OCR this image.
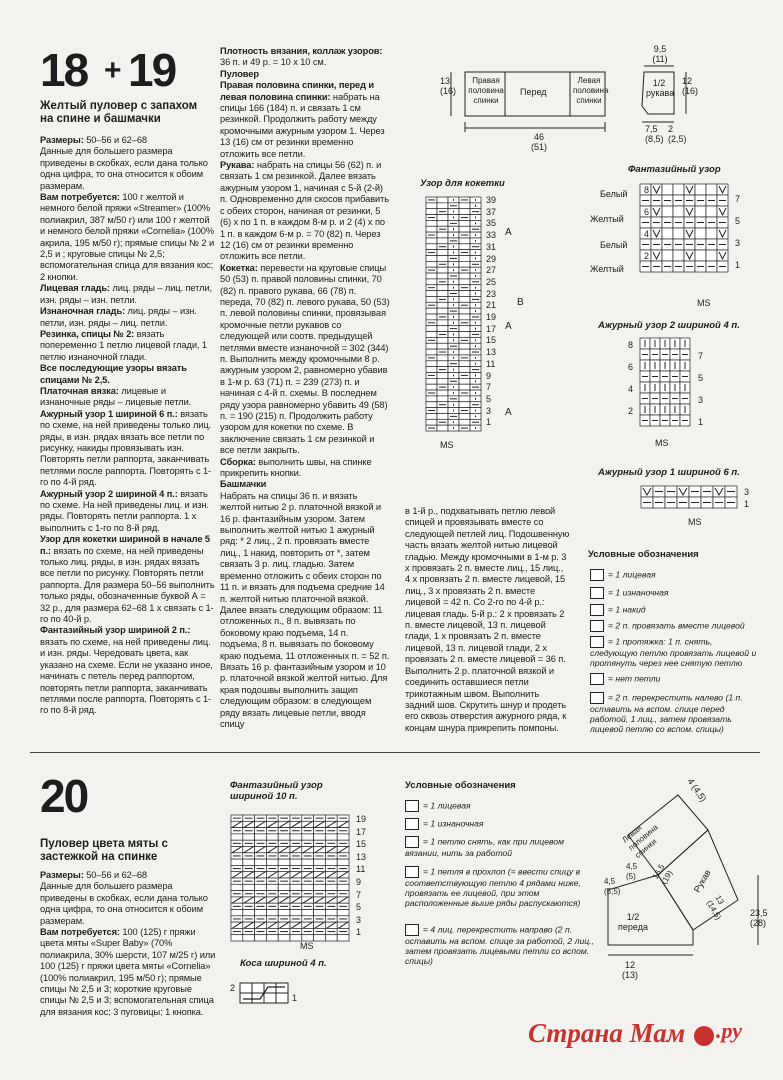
18 + 19
Желтый пуловер с запахом на спине и башмачки

Размеры: 50–56 и 62–68

Данные для большего размера приведены в скобках, если дана только одна цифра, то она относится к обоим размерам.

Вам потребуется: 100 г желтой и немного белой пряжи «Streamer» (100% полиакрил, 387 м/50 г) или 100 г желтой и немного белой пряжи «Cornelia» (100% акрила, 195 м/50 г); прямые спицы № 2 и 2,5 и ; круговые спицы № 2,5; вспомогательная спица для вязания кос; 2 кнопки.

Лицевая гладь: лиц. ряды – лиц. петли, изн. ряды – изн. петли.

Изнаночная гладь: лиц. ряды – изн. петли, изн. ряды – лиц. петли.

Резинка, спицы № 2: вязать попеременно 1 петлю лицевой глади, 1 петлю изнаночной глади.

Все последующие узоры вязать спицами № 2,5.

Платочная вязка: лицевые и изнаночные ряды – лицевые петли.

Ажурный узор 1 шириной 6 п.: вязать по схеме, на ней приведены только лиц. ряды, в изн. рядах вязать все петли по рисунку, накиды провязывать изн. Повторять петли раппорта, заканчивать петлями после раппорта. Повторять с 1-го по 4-й ряд.

Ажурный узор 2 шириной 4 п.: вязать по схеме. На ней приведены лиц. и изн. ряды. Повторять петли раппорта. 1 х выполнить с 1-го по 8-й ряд.

Узор для кокетки шириной в начале 5 п.: вязать по схеме, на ней приведены только лиц. ряды, в изн. рядах вязать все петли по рисунку. Повторять петли раппорта. Для размера 50–56 выполнить только ряды, обозначенные буквой А = 32 р., для размера 62–68 1 х связать с 1-го по 40-й р.

Фантазийный узор шириной 2 п.: вязать по схеме, на ней приведены лиц. и изн. ряды. Чередовать цвета, как указано на схеме. Если не указано иное, начинать с петель перед раппортом, повторять петли раппорта, заканчивать петлями после раппорта. Повторять с 1-го по 8-й ряд.

Плотность вязания, коллаж узоров: 36 п. и 49 р. = 10 х 10 см.

Пуловер

Правая половина спинки, перед и левая половина спинки: набрать на спицы 166 (184) п. и связать 1 см резинкой. Продолжить работу между кромочными ажурным узором 1. Через 13 (16) см от резинки временно отложить все петли.

Рукава: набрать на спицы 56 (62) п. и связать 1 см резинкой. Далее вязать ажурным узором 1, начиная с 5-й (2-й) п. Одновременно для скосов прибавить с обеих сторон, начиная от резинки, 5 (6) х по 1 п. в каждом 8-м р. и 2 (4) х по 1 п. в каждом 6-м р. = 70 (82) п. Через 12 (16) см от резинки временно отложить все петли.

Кокетка: перевести на круговые спицы 50 (53) п. правой половины спинки, 70 (82) п. правого рукава, 66 (78) п. переда, 70 (82) п. левого рукава, 50 (53) п. левой половины спинки, провязывая кромочные петли рукавов со следующей или соотв. предыдущей петлями вместе изнаночной = 302 (344) п. Выполнить между кромочными 8 р. ажурным узором 2, равномерно убавив в 1-м р. 63 (71) п. = 239 (273) п. и начиная с 4-й п. схемы. В последнем ряду узора равномерно убавить 49 (58) п. = 190 (215) п. Продолжить работу узором для кокетки по схеме. В заключение связать 1 см резинкой и все петли закрыть.

Сборка: выполнить швы, на спинке прикрепить кнопки.

Башмачки

Набрать на спицы 36 п. и вязать желтой нитью 2 р. платочной вязкой и 16 р. фантазийным узором. Затем выполнить желтой нитью 1 ажурный ряд: * 2 лиц., 2 п. провязать вместе лиц., 1 накид, повторить от *, затем связать 3 р. лиц. гладью. Затем временно отложить с обеих сторон по 11 п. и вязать для подъема средние 14 п. желтой нитью платочной вязкой. Далее вязать следующим образом: 11 отложенных п., 8 п. вывязать по боковому краю подъема, 14 п. подъема, 8 п. вывязать по боковому краю подъема, 11 отложенных п. = 52 п. Вязать 16 р. фантазийным узором и 10 р. платочной вязкой желтой нитью. Для края подошвы выполнить защип следующим образом: в следующем ряду вязать лицевые петли, вводя спицу

в 1-й р., подхватывать петлю левой спицей и провязывать вместе со следующей петлей лиц. Подошвенную часть вязать желтой нитью лицевой гладью. Между кромочными в 1-м р. 3 х провязать 2 п. вместе лиц., 15 лиц., 4 х провязать 2 п. вместе лицевой, 15 лиц., 3 х провязать 2 п. вместе лицевой = 42 п. Со 2-го по 4-й р.: лицевая гладь. 5-й р.: 2 х провязать 2 п. вместе лицевой, 13 п. лицевой глади, 1 х провязать 2 п. вместе лицевой, 13 п. лицевой глади, 2 х провязать 2 п. вместе лицевой = 36 п. Выполнить 2 р. платочной вязкой и соединить оставшиеся петли трикотажным швом. Выполнить задний шов. Скрутить шнур и продеть его сквозь отверстия ажурного ряда, к концам шнура прикрепить помпоны.
Правая половина спинки
Перед
Левая половина спинки
13 (16)
46 (51)
9,5 (11)
1/2 рукава
12 (16)
7,5 (8,5)
2 (2,5)
Узор для кокетки
39
37
35
33
31
29
27
25
23
21
19
17
15
13
11
9
7
5
3
1
A
B
A
A
MS
Фантазийный узор
Белый
Желтый
Белый
Желтый
7
5
3
1
MS
Ажурный узор 2 шириной 4 п.
8
6
4
2
7
5
3
1
MS
Ажурный узор 1 шириной 6 п.
3
1
MS
Условные обозначения
= 1 лицевая
= 1 изнаночная
= 1 накид
= 2 п. провязать вместе лицевой
= 1 протяжка: 1 п. снять, следующую петлю провязать лицевой и протянуть через нее снятую петлю
= нет петли
= 2 п. перекрестить налево (1 п. оставить на вспом. спице перед работой, 1 лиц., затем провязать лицевой петлю со вспом. спицы)
20
Пуловер цвета мяты с застежкой на спинке

Размеры: 50–56 и 62–68

Данные для большего размера приведены в скобках, если дана только одна цифра, то она относится к обоим размерам.

Вам потребуется: 100 (125) г пряжи цвета мяты «Super Baby» (70% полиакрила, 30% шерсти, 107 м/25 г) или 100 (125) г пряжи цвета мяты «Cornelia» (100% полиакрил, 195 м/50 г); прямые спицы № 2,5 и 3; короткие круговые спицы № 2,5 и 3; вспомогательная спица для вязания кос; 3 пуговицы; 1 кнопка.

Фантазийный узор шириной 10 п.
19
17
15
13
11
9
7
5
3
1
MS
Коса шириной 4 п.
2
1
Условные обозначения
= 1 лицевая
= 1 изнаночная
= 1 петлю снять, как при лицевом вязании, нить за работой
= 1 петля в прохлоп (= ввести спицу в соответствующую петлю 4 рядами ниже, провязать ее лицевой, при этом расположенные выше ряды распускаются)
= 4 лиц. перекрестить направо (2 п. оставить на вспом. спице за работой, 2 лиц., затем провязать лицевыми петли со вспом. спицы)
4 (4,5)
Левая половина спинки
4,5 (5,5)
4,5 (5)	Рукав
16,5 (19)
13 (14,5)
1/2 переда
23,5 (28)
12 (13)
Страна Мам .ру
8
6
4
2
